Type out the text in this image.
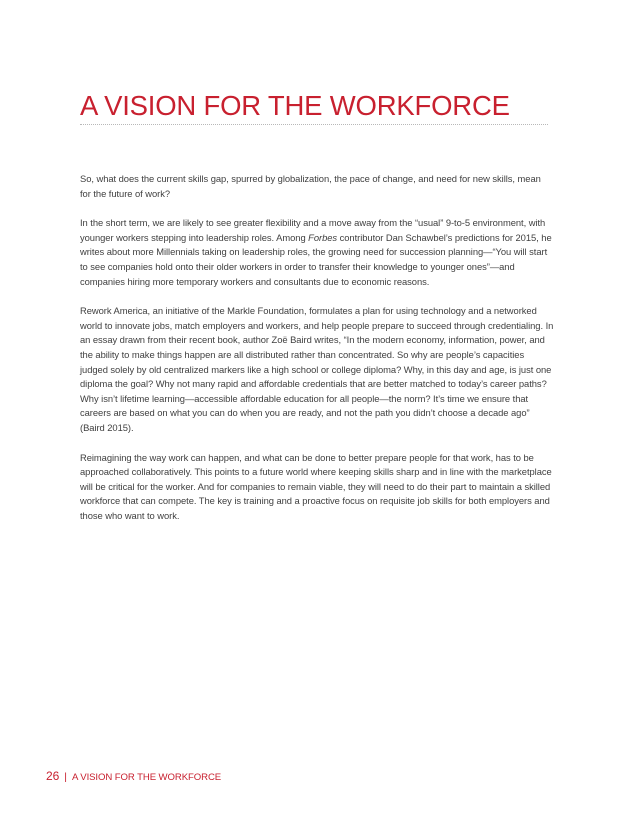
A VISION FOR THE WORKFORCE

So, what does the current skills gap, spurred by globalization, the pace of change, and need for new skills, mean for the future of work?

In the short term, we are likely to see greater flexibility and a move away from the “usual” 9-to-5 environment, with younger workers stepping into leadership roles. Among Forbes contributor Dan Schawbel’s predictions for 2015, he writes about more Millennials taking on leadership roles, the growing need for succession planning—“You will start to see companies hold onto their older workers in order to transfer their knowledge to younger ones”—and companies hiring more temporary workers and consultants due to economic reasons.

Rework America, an initiative of the Markle Foundation, formulates a plan for using technology and a networked world to innovate jobs, match employers and workers, and help people prepare to succeed through credentialing. In an essay drawn from their recent book, author Zoë Baird writes, “In the modern economy, information, power, and the ability to make things happen are all distributed rather than concentrated. So why are people’s capacities judged solely by old centralized markers like a high school or college diploma? Why, in this day and age, is just one diploma the goal? Why not many rapid and affordable credentials that are better matched to today’s career paths? Why isn’t lifetime learning—accessible affordable education for all people—the norm? It’s time we ensure that careers are based on what you can do when you are ready, and not the path you didn’t choose a decade ago” (Baird 2015).

Reimagining the way work can happen, and what can be done to better prepare people for that work, has to be approached collaboratively. This points to a future world where keeping skills sharp and in line with the marketplace will be critical for the worker. And for companies to remain viable, they will need to do their part to maintain a skilled workforce that can compete. The key is training and a proactive focus on requisite job skills for both employers and those who want to work.

26 | A VISION FOR THE WORKFORCE
